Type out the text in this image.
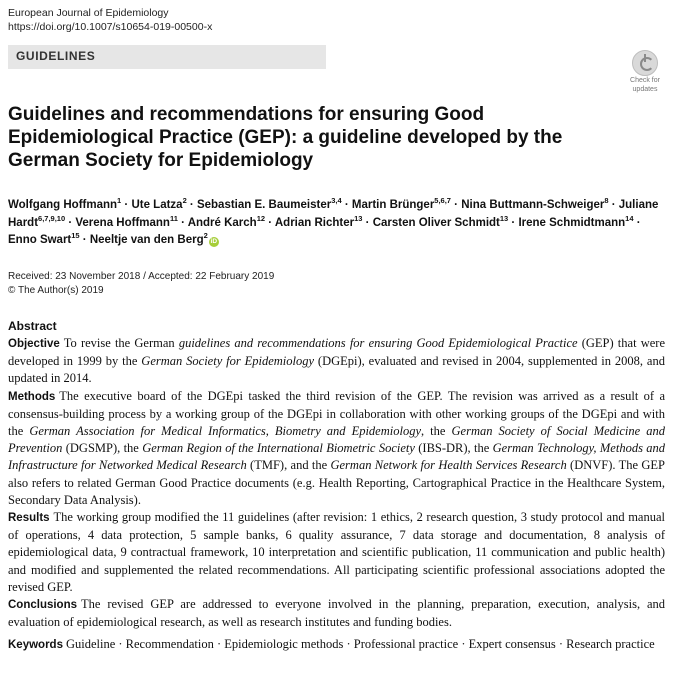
European Journal of Epidemiology
https://doi.org/10.1007/s10654-019-00500-x
GUIDELINES
Check for
updates
Guidelines and recommendations for ensuring Good Epidemiological Practice (GEP): a guideline developed by the German Society for Epidemiology
Wolfgang Hoffmann$^1$ · Ute Latza$^2$ · Sebastian E. Baumeister$^{3,4}$ · Martin Brünger$^{5,6,7}$ · Nina Buttmann-Schweiger$^8$ · Juliane Hardt$^{6,7,9,10}$ · Verena Hoffmann$^{11}$ · André Karch$^{12}$ · Adrian Richter$^{13}$ · Carsten Oliver Schmidt$^{13}$ · Irene Schmidtmann$^{14}$ · Enno Swart$^{15}$ · Neeltje van den Berg$^2$iD
Received: 23 November 2018 / Accepted: 22 February 2019
© The Author(s) 2019
Abstract

Objective To revise the German guidelines and recommendations for ensuring Good Epidemiological Practice (GEP) that were developed in 1999 by the German Society for Epidemiology (DGEpi), evaluated and revised in 2004, supplemented in 2008, and updated in 2014.

Methods The executive board of the DGEpi tasked the third revision of the GEP. The revision was arrived as a result of a consensus-building process by a working group of the DGEpi in collaboration with other working groups of the DGEpi and with the German Association for Medical Informatics, Biometry and Epidemiology, the German Society of Social Medicine and Prevention (DGSMP), the German Region of the International Biometric Society (IBS-DR), the German Technology, Methods and Infrastructure for Networked Medical Research (TMF), and the German Network for Health Services Research (DNVF). The GEP also refers to related German Good Practice documents (e.g. Health Reporting, Cartographical Practice in the Healthcare System, Secondary Data Analysis).

Results The working group modified the 11 guidelines (after revision: 1 ethics, 2 research question, 3 study protocol and manual of operations, 4 data protection, 5 sample banks, 6 quality assurance, 7 data storage and documentation, 8 analysis of epidemiological data, 9 contractual framework, 10 interpretation and scientific publication, 11 communication and public health) and modified and supplemented the related recommendations. All participating scientific professional associations adopted the revised GEP.

Conclusions The revised GEP are addressed to everyone involved in the planning, preparation, execution, analysis, and evaluation of epidemiological research, as well as research institutes and funding bodies.

Keywords Guideline · Recommendation · Epidemiologic methods · Professional practice · Expert consensus · Research practice
